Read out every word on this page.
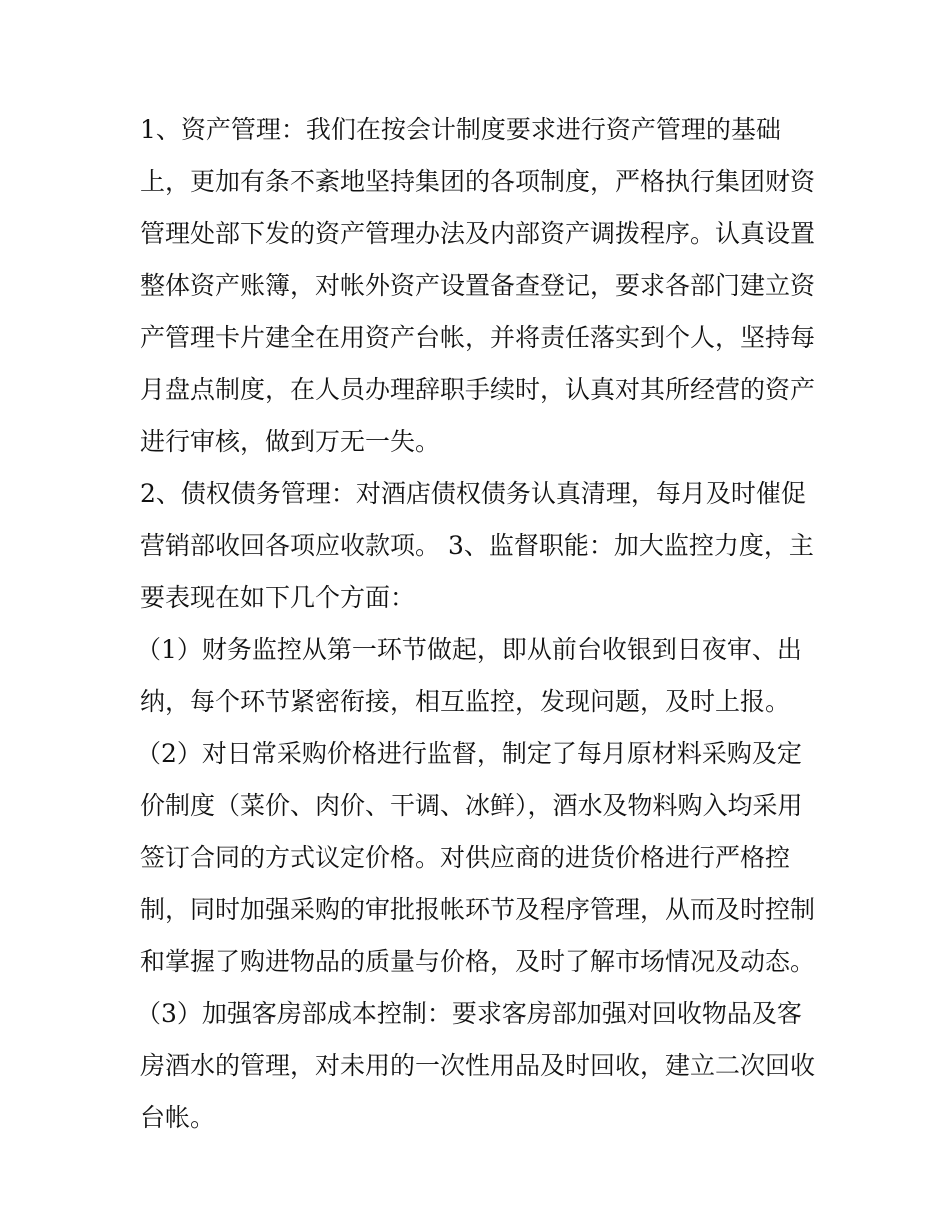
1、资产管理：我们在按会计制度要求进行资产管理的基础
上，更加有条不紊地坚持集团的各项制度，严格执行集团财资
管理处部下发的资产管理办法及内部资产调拨程序。认真设置
整体资产账簿，对帐外资产设置备查登记，要求各部门建立资
产管理卡片建全在用资产台帐，并将责任落实到个人，坚持每
月盘点制度，在人员办理辞职手续时，认真对其所经营的资产
进行审核，做到万无一失。
2、债权债务管理：对酒店债权债务认真清理，每月及时催促
营销部收回各项应收款项。 3、监督职能：加大监控力度，主
要表现在如下几个方面：
（1）财务监控从第一环节做起，即从前台收银到日夜审、出
纳，每个环节紧密衔接，相互监控，发现问题，及时上报。
（2）对日常采购价格进行监督，制定了每月原材料采购及定
价制度（菜价、肉价、干调、冰鲜），酒水及物料购入均采用
签订合同的方式议定价格。对供应商的进货价格进行严格控
制，同时加强采购的审批报帐环节及程序管理，从而及时控制
和掌握了购进物品的质量与价格，及时了解市场情况及动态。
（3）加强客房部成本控制：要求客房部加强对回收物品及客
房酒水的管理，对未用的一次性用品及时回收，建立二次回收
台帐。
